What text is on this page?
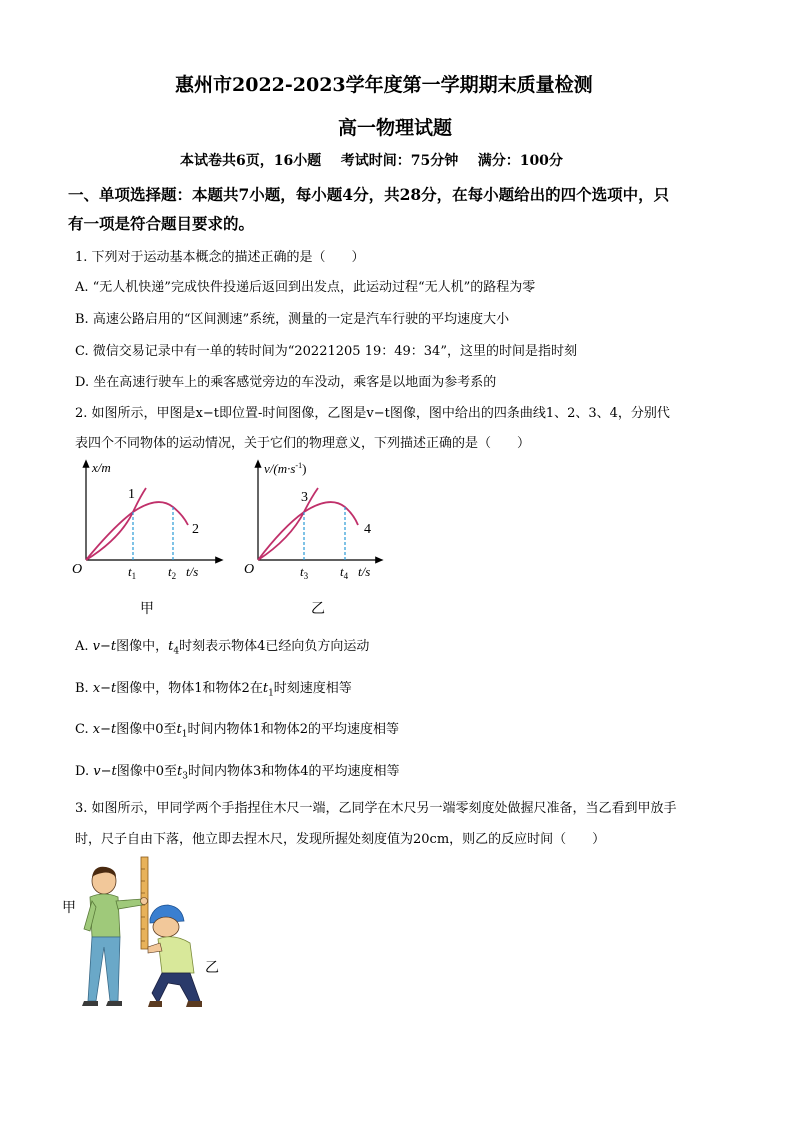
惠州市2022-2023学年度第一学期期末质量检测
高一物理试题
本试卷共6页，16小题    考试时间：75分钟    满分：100分
一、单项选择题：本题共7小题，每小题4分，共28分，在每小题给出的四个选项中，只
有一项是符合题目要求的。
1. 下列对于运动基本概念的描述正确的是（　　）
A. “无人机快递”完成快件投递后返回到出发点，此运动过程“无人机”的路程为零
B. 高速公路启用的“区间测速”系统，测量的一定是汽车行驶的平均速度大小
C. 微信交易记录中有一单的转时间为“20221205 19：49：34”，这里的时间是指时刻
D. 坐在高速行驶车上的乘客感觉旁边的车没动，乘客是以地面为参考系的
2. 如图所示，甲图是x−t即位置-时间图像，乙图是v−t图像，图中给出的四条曲线1、2、3、4，分别代
表四个不同物体的运动情况，关于它们的物理意义，下列描述正确的是（　　）
x/m
O
1
2
$t_1$ $t_2$ t/s
甲
$v/(m\cdot s^{-1})$
O
3
4
$t_3$ $t_4$ t/s
乙
A. v−t图像中，$t_4$时刻表示物体4已经向负方向运动
B. x−t图像中，物体1和物体2在$t_1$时刻速度相等
C. x−t图像中0至$t_1$时间内物体1和物体2的平均速度相等
D. v−t图像中0至$t_3$时间内物体3和物体4的平均速度相等
3. 如图所示，甲同学两个手指捏住木尺一端，乙同学在木尺另一端零刻度处做握尺准备，当乙看到甲放手
时，尺子自由下落，他立即去捏木尺，发现所握处刻度值为20cm，则乙的反应时间（　　）
甲
乙
